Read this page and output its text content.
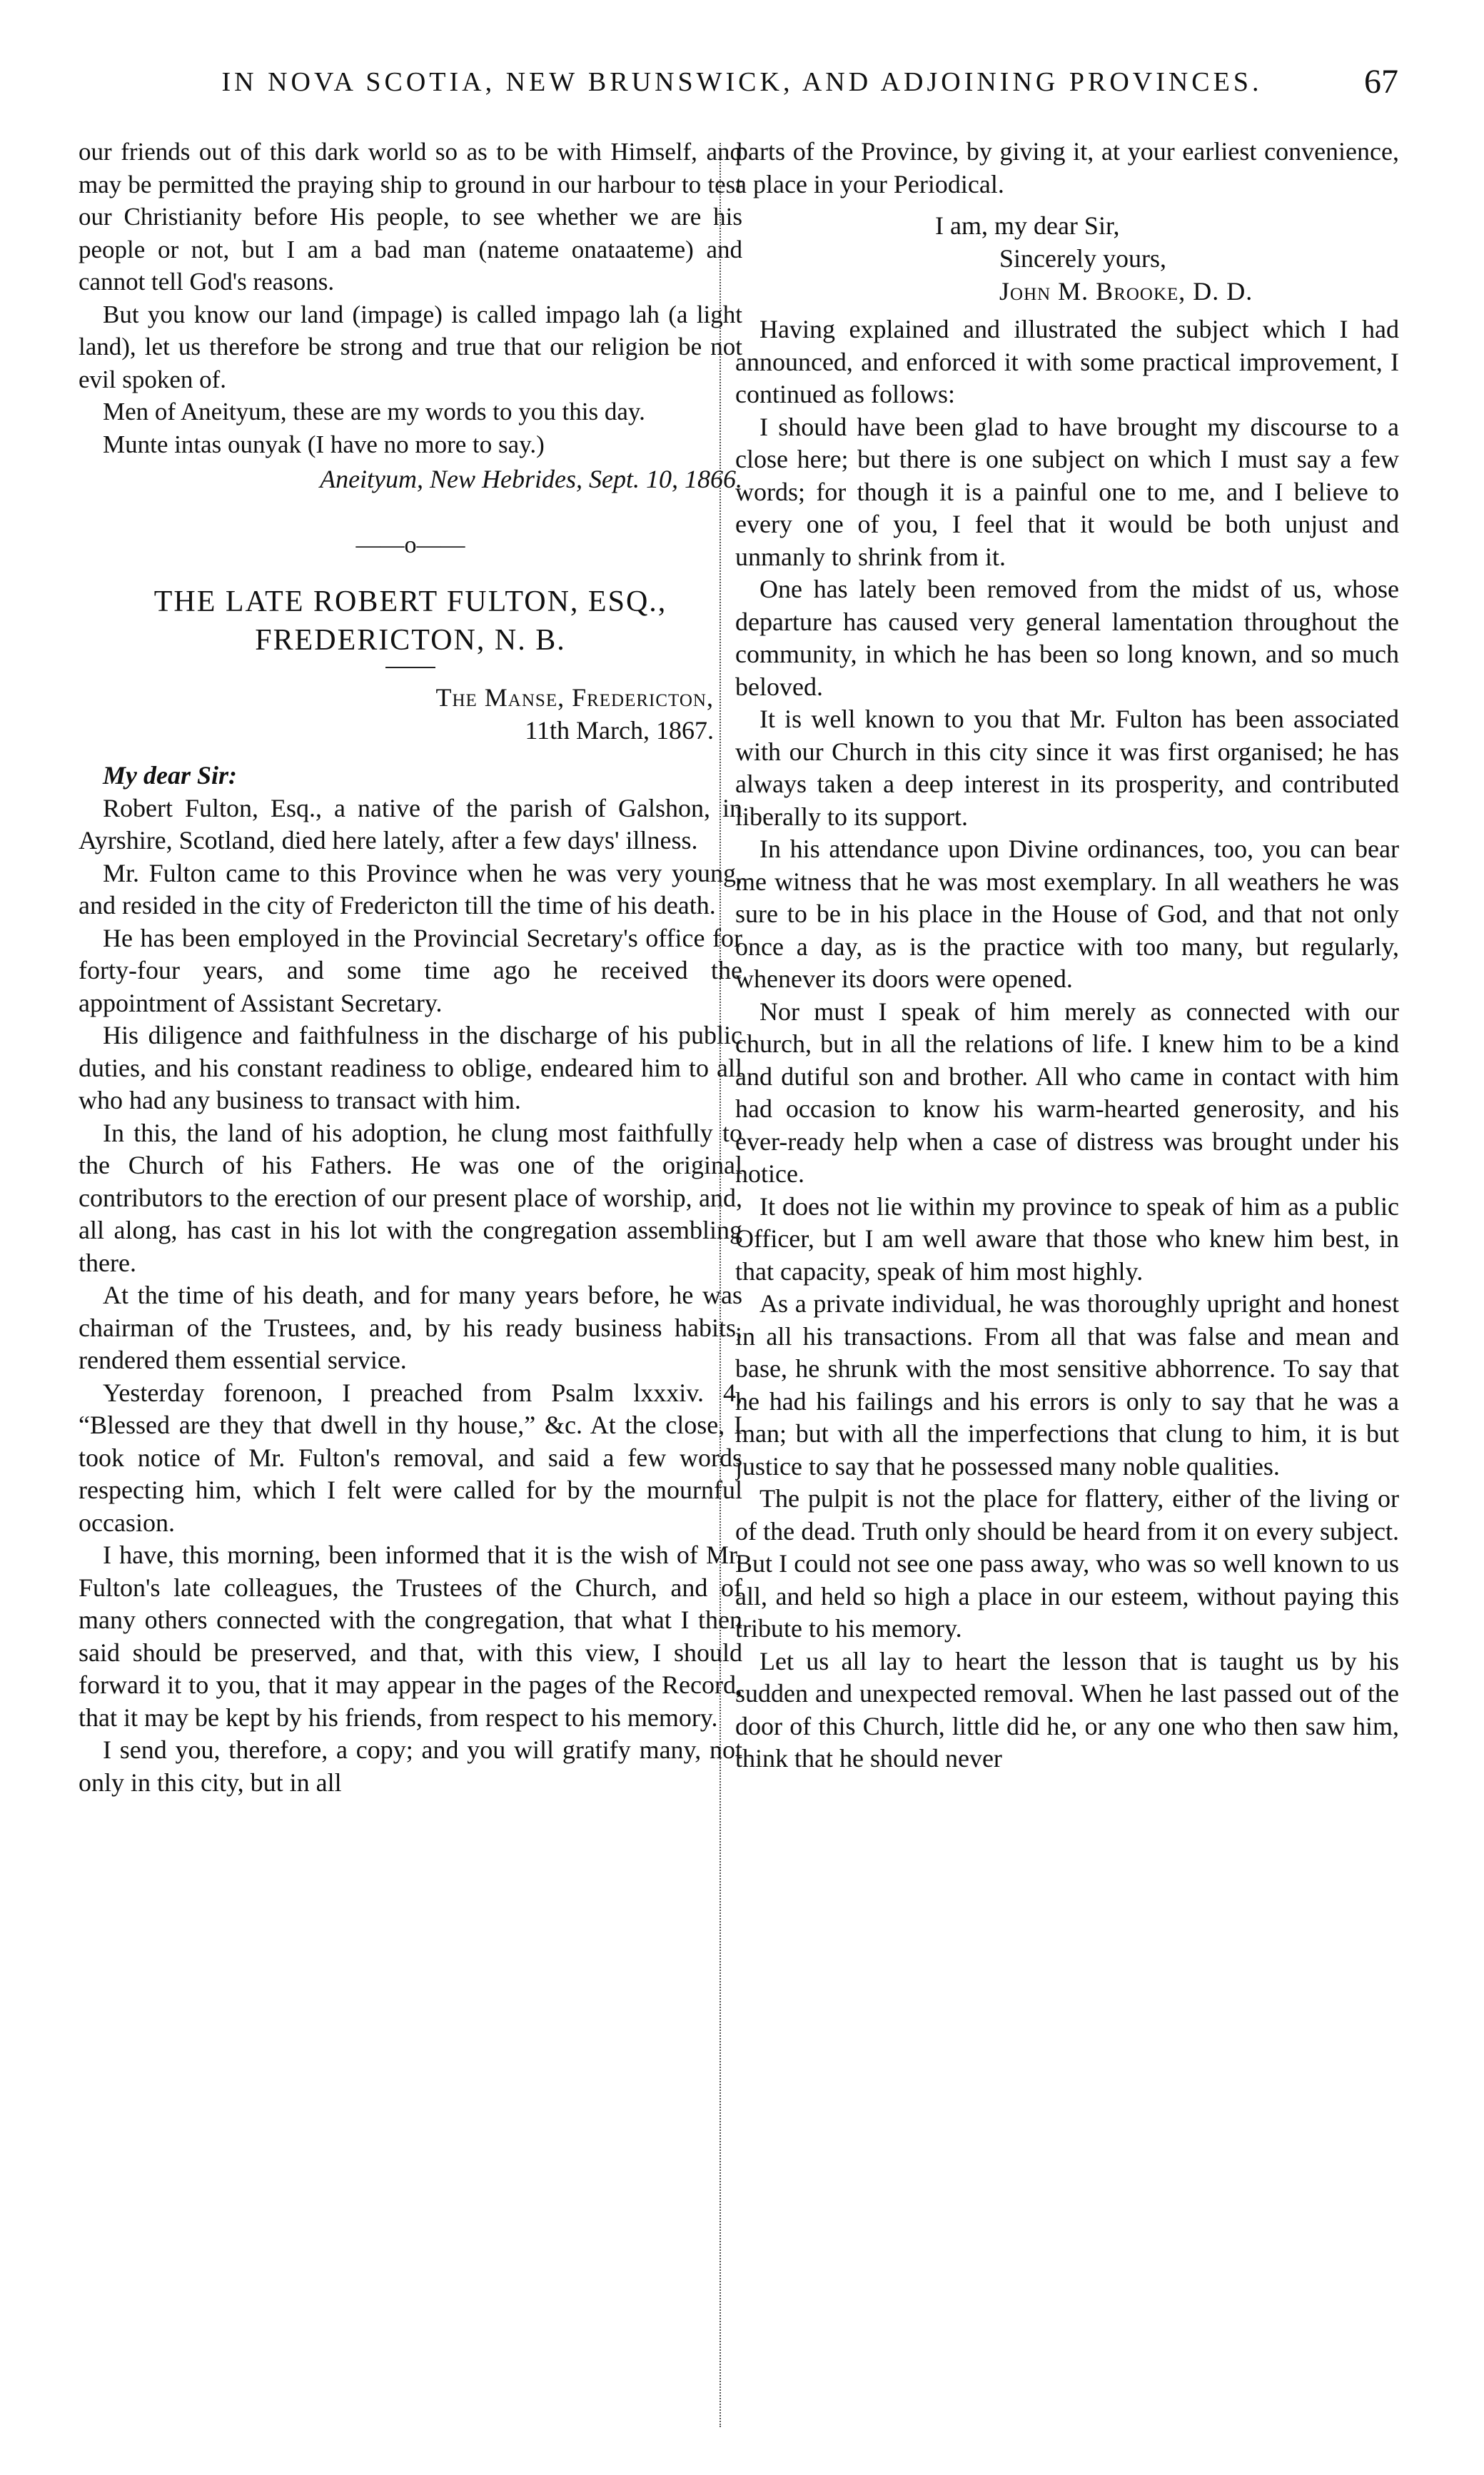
IN NOVA SCOTIA, NEW BRUNSWICK, AND ADJOINING PROVINCES.	67

our friends out of this dark world so as to be with Himself, and may be permitted the praying ship to ground in our harbour to test our Christianity before His people, to see whether we are his people or not, but I am a bad man (nateme onataateme) and cannot tell God's reasons.

But you know our land (impage) is called impago lah (a light land), let us therefore be strong and true that our religion be not evil spoken of.

Men of Aneityum, these are my words to you this day.

Munte intas ounyak (I have no more to say.)

Aneityum, New Hebrides, Sept. 10, 1866.

——o——
THE LATE ROBERT FULTON, ESQ.,
FREDERICTON, N. B.
The Manse, Fredericton,
11th March, 1867.

My dear Sir:

Robert Fulton, Esq., a native of the parish of Galshon, in Ayrshire, Scotland, died here lately, after a few days' illness.

Mr. Fulton came to this Province when he was very young, and resided in the city of Fredericton till the time of his death.

He has been employed in the Provincial Secretary's office for forty-four years, and some time ago he received the appointment of Assistant Secretary.

His diligence and faithfulness in the discharge of his public duties, and his constant readiness to oblige, endeared him to all who had any business to transact with him.

In this, the land of his adoption, he clung most faithfully to the Church of his Fathers. He was one of the original contributors to the erection of our present place of worship, and, all along, has cast in his lot with the congregation assembling there.

At the time of his death, and for many years before, he was chairman of the Trustees, and, by his ready business habits, rendered them essential service.

Yesterday forenoon, I preached from Psalm lxxxiv. 4, “Blessed are they that dwell in thy house,” &c. At the close, I took notice of Mr. Fulton's removal, and said a few words respecting him, which I felt were called for by the mournful occasion.

I have, this morning, been informed that it is the wish of Mr. Fulton's late colleagues, the Trustees of the Church, and of many others connected with the congregation, that what I then said should be preserved, and that, with this view, I should forward it to you, that it may appear in the pages of the Record, that it may be kept by his friends, from respect to his memory.

I send you, therefore, a copy; and you will gratify many, not only in this city, but in all

parts of the Province, by giving it, at your earliest convenience, a place in your Periodical.

I am, my dear Sir,
Sincerely yours,
John M. Brooke, D. D.

Having explained and illustrated the subject which I had announced, and enforced it with some practical improvement, I continued as follows:

I should have been glad to have brought my discourse to a close here; but there is one subject on which I must say a few words; for though it is a painful one to me, and I believe to every one of you, I feel that it would be both unjust and unmanly to shrink from it.

One has lately been removed from the midst of us, whose departure has caused very general lamentation throughout the community, in which he has been so long known, and so much beloved.

It is well known to you that Mr. Fulton has been associated with our Church in this city since it was first organised; he has always taken a deep interest in its prosperity, and contributed liberally to its support.

In his attendance upon Divine ordinances, too, you can bear me witness that he was most exemplary. In all weathers he was sure to be in his place in the House of God, and that not only once a day, as is the practice with too many, but regularly, whenever its doors were opened.

Nor must I speak of him merely as connected with our church, but in all the relations of life. I knew him to be a kind and dutiful son and brother. All who came in contact with him had occasion to know his warm-hearted generosity, and his ever-ready help when a case of distress was brought under his notice.

It does not lie within my province to speak of him as a public Officer, but I am well aware that those who knew him best, in that capacity, speak of him most highly.

As a private individual, he was thoroughly upright and honest in all his transactions. From all that was false and mean and base, he shrunk with the most sensitive abhorrence. To say that he had his failings and his errors is only to say that he was a man; but with all the imperfections that clung to him, it is but justice to say that he possessed many noble qualities.

The pulpit is not the place for flattery, either of the living or of the dead. Truth only should be heard from it on every subject. But I could not see one pass away, who was so well known to us all, and held so high a place in our esteem, without paying this tribute to his memory.

Let us all lay to heart the lesson that is taught us by his sudden and unexpected removal. When he last passed out of the door of this Church, little did he, or any one who then saw him, think that he should never
